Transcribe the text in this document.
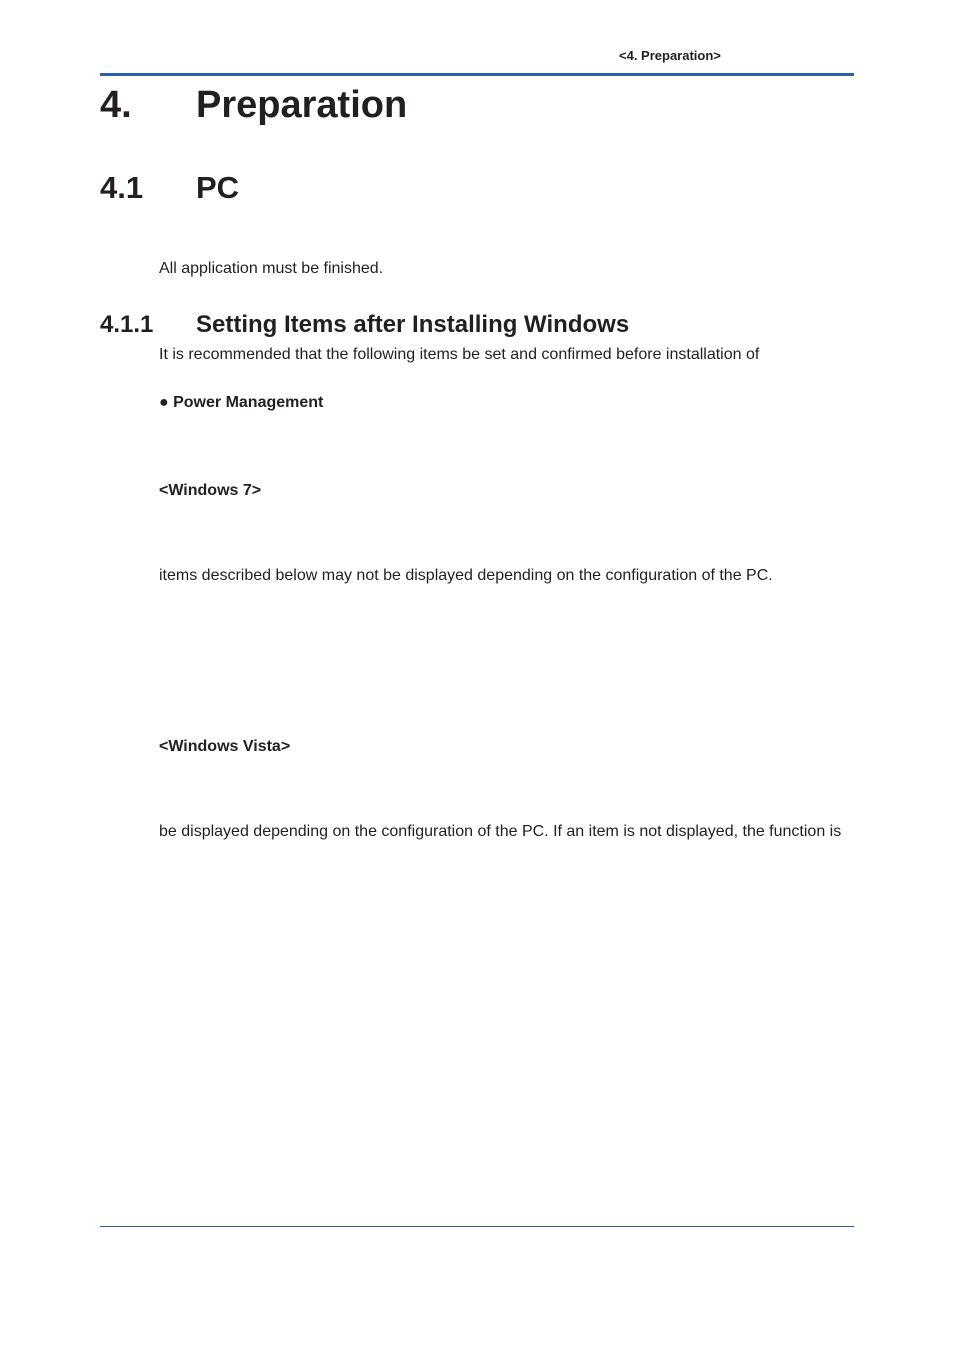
<4. Preparation>
4. Preparation
4.1 PC
All application must be finished.
4.1.1 Setting Items after Installing Windows
It is recommended that the following items be set and confirmed before installation of
● Power Management
<Windows 7>
items described below may not be displayed depending on the configuration of the PC.
<Windows Vista>
be displayed depending on the configuration of the PC. If an item is not displayed, the function is
